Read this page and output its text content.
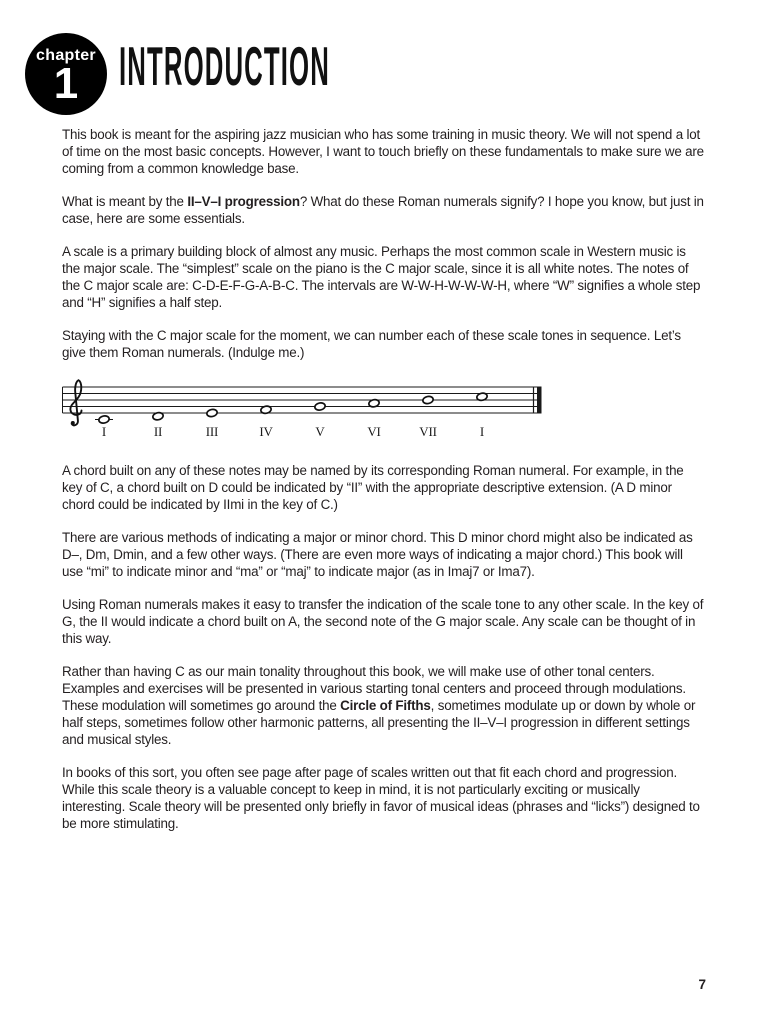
chapter
1 INTRODUCTION

This book is meant for the aspiring jazz musician who has some training in music theory. We will not spend a lot of time on the most basic concepts. However, I want to touch briefly on these fundamentals to make sure we are coming from a common knowledge base.

What is meant by the II–V–I progression? What do these Roman numerals signify? I hope you know, but just in case, here are some essentials.

A scale is a primary building block of almost any music. Perhaps the most common scale in Western music is the major scale. The “simplest” scale on the piano is the C major scale, since it is all white notes. The notes of the C major scale are: C-D-E-F-G-A-B-C. The intervals are W-W-H-W-W-W-H, where “W” signifies a whole step and “H” signifies a half step.

Staying with the C major scale for the moment, we can number each of these scale tones in sequence. Let’s give them Roman numerals. (Indulge me.)

I	II	III	IV	V	VI	VII	I

A chord built on any of these notes may be named by its corresponding Roman numeral. For example, in the key of C, a chord built on D could be indicated by “II” with the appropriate descriptive extension. (A D minor chord could be indicated by IImi in the key of C.)

There are various methods of indicating a major or minor chord. This D minor chord might also be indicated as D–, Dm, Dmin, and a few other ways. (There are even more ways of indicating a major chord.) This book will use “mi” to indicate minor and “ma” or “maj” to indicate major (as in Imaj7 or Ima7).

Using Roman numerals makes it easy to transfer the indication of the scale tone to any other scale. In the key of G, the II would indicate a chord built on A, the second note of the G major scale. Any scale can be thought of in this way.

Rather than having C as our main tonality throughout this book, we will make use of other tonal centers. Examples and exercises will be presented in various starting tonal centers and proceed through modulations. These modulation will sometimes go around the Circle of Fifths, sometimes modulate up or down by whole or half steps, sometimes follow other harmonic patterns, all presenting the II–V–I progression in different settings and musical styles.

In books of this sort, you often see page after page of scales written out that fit each chord and progression. While this scale theory is a valuable concept to keep in mind, it is not particularly exciting or musically interesting. Scale theory will be presented only briefly in favor of musical ideas (phrases and “licks”) designed to be more stimulating.

7
